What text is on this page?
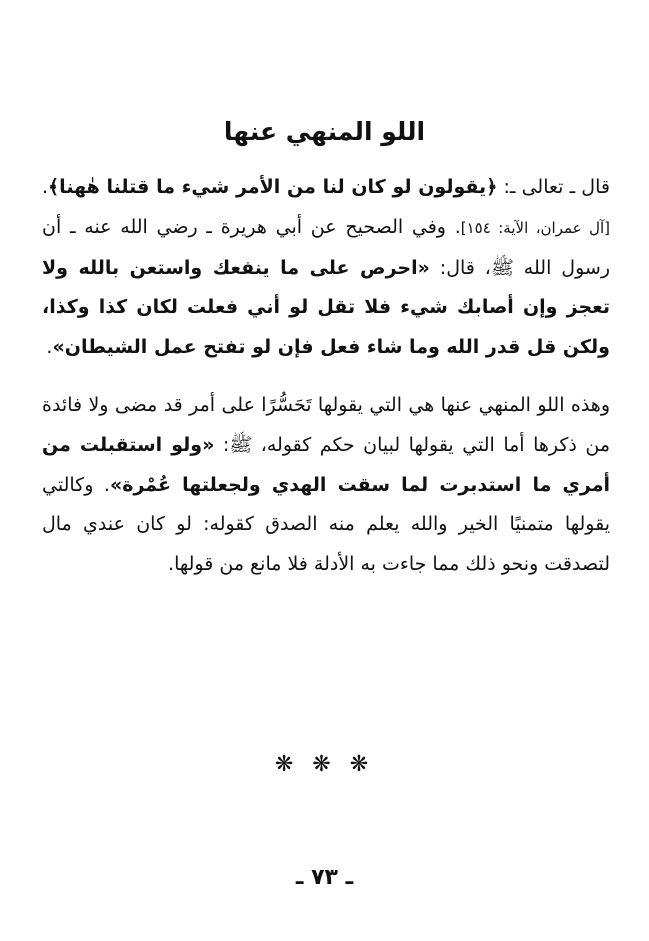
اللو المنهي عنها

قال ـ تعالى ـ: ﴿يقولون لو كان لنا من الأمر شيء ما قتلنا هٰهنا﴾. [آل عمران، الآية: ١٥٤]. وفي الصحيح عن أبي هريرة ـ رضي الله عنه ـ أن رسول الله ﷺ، قال: «احرص على ما ينفعك واستعن بالله ولا تعجز وإن أصابك شيء فلا تقل لو أني فعلت لكان كذا وكذا، ولكن قل قدر الله وما شاء فعل فإن لو تفتح عمل الشيطان».

وهذه اللو المنهي عنها هي التي يقولها تَحَسُّرًا على أمر قد مضى ولا فائدة من ذكرها أما التي يقولها لبيان حكم كقوله، ﷺ: «ولو استقبلت من أمري ما استدبرت لما سقت الهدي ولجعلتها عُمْرة». وكالتي يقولها متمنيًا الخير والله يعلم منه الصدق كقوله: لو كان عندي مال لتصدقت ونحو ذلك مما جاءت به الأدلة فلا مانع من قولها.

❋ ❋ ❋
ـ ٧٣ ـ
